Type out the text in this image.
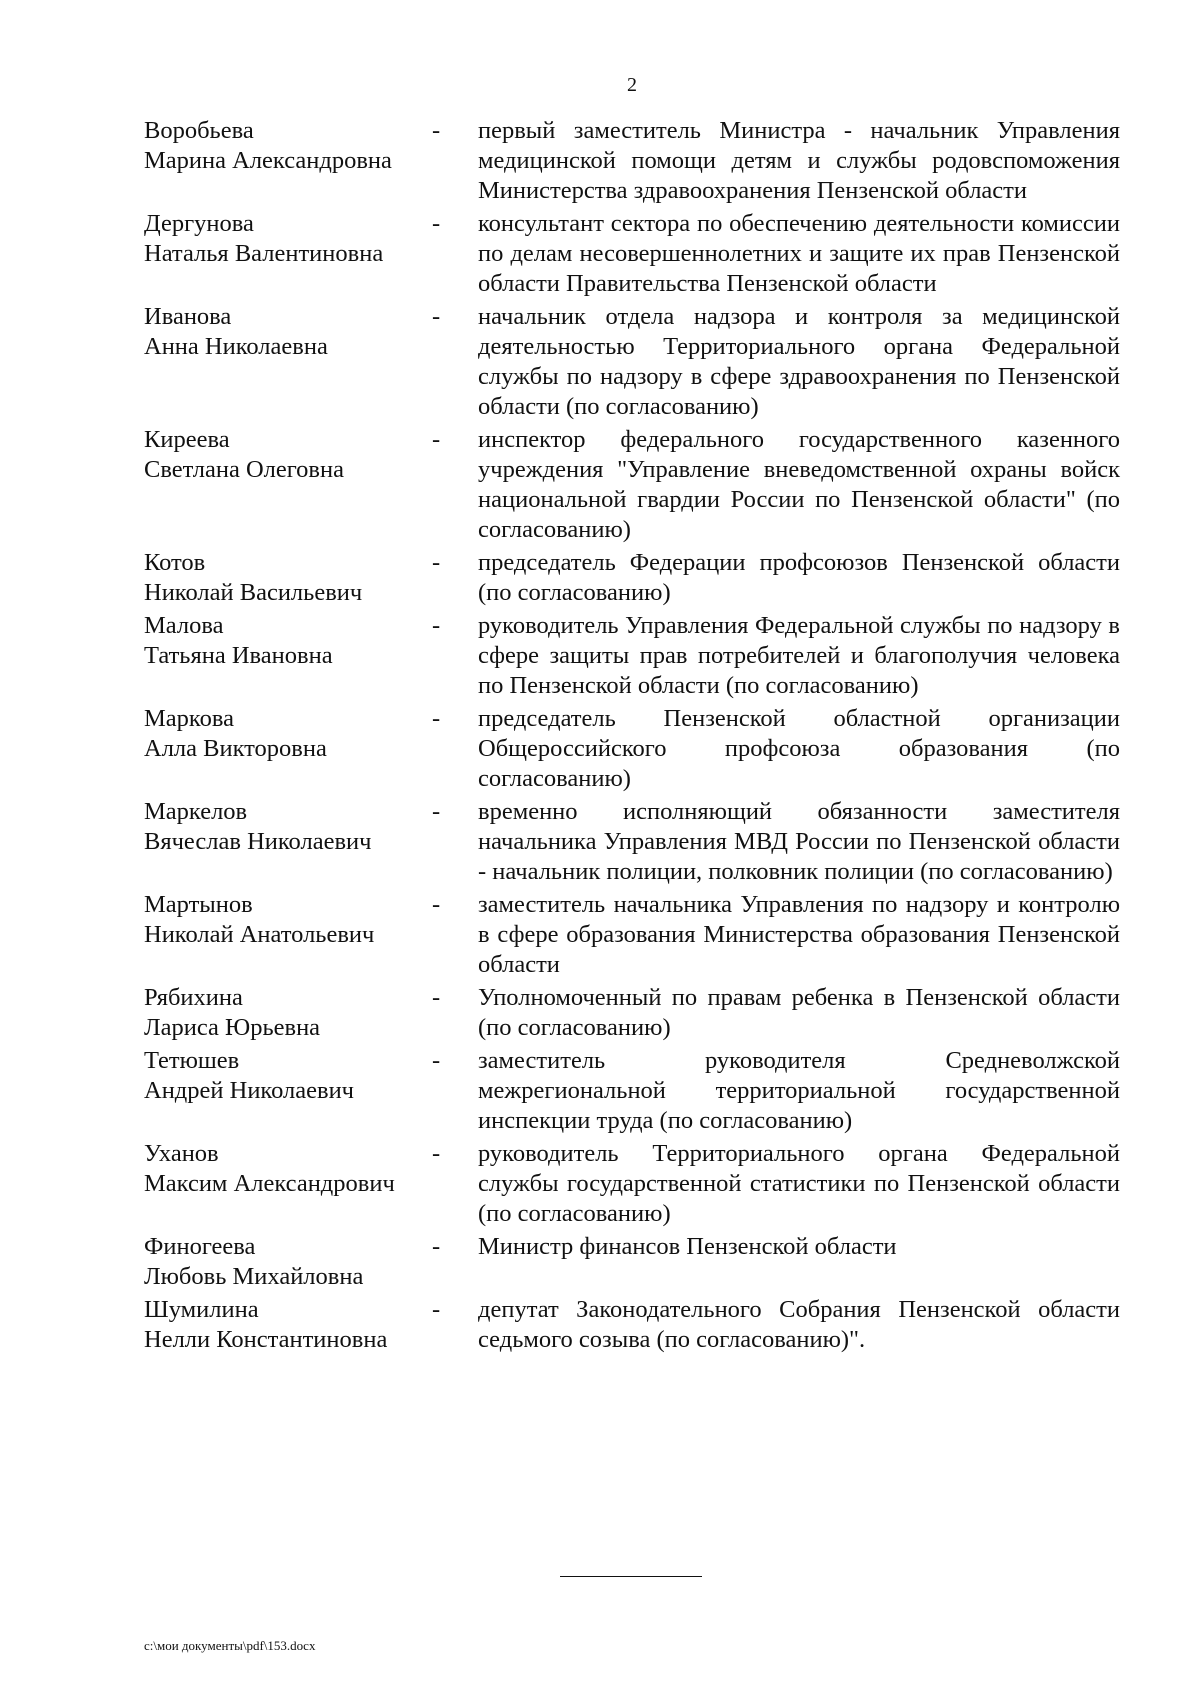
2
Воробьева
Марина Александровна
-	первый заместитель Министра - начальник Управления медицинской помощи детям и службы родовспоможения Министерства здравоохранения Пензенской области
Дергунова
Наталья Валентиновна
-	консультант сектора по обеспечению деятельности комиссии по делам несовершеннолетних и защите их прав Пензенской области Правительства Пензенской области
Иванова
Анна Николаевна
-	начальник отдела надзора и контроля за медицинской деятельностью Территориального органа Федеральной службы по надзору в сфере здравоохранения по Пензенской области (по согласованию)
Киреева
Светлана Олеговна
-	инспектор федерального государственного казенного учреждения "Управление вневедомственной охраны войск национальной гвардии России по Пензенской области" (по согласованию)
Котов
Николай Васильевич
-	председатель Федерации профсоюзов Пензенской области (по согласованию)
Малова
Татьяна Ивановна
-	руководитель Управления Федеральной службы по надзору в сфере защиты прав потребителей и благополучия человека по Пензенской области (по согласованию)
Маркова
Алла Викторовна
-	председатель Пензенской областной организации Общероссийского профсоюза образования (по согласованию)
Маркелов
Вячеслав Николаевич
-	временно исполняющий обязанности заместителя начальника Управления МВД России по Пензенской области - начальник полиции, полковник полиции (по согласованию)
Мартынов
Николай Анатольевич
-	заместитель начальника Управления по надзору и контролю в сфере образования Министерства образования Пензенской области
Рябихина
Лариса Юрьевна
-	Уполномоченный по правам ребенка в Пензенской области (по согласованию)
Тетюшев
Андрей Николаевич
-	заместитель руководителя Средневолжской межрегиональной территориальной государственной инспекции труда (по согласованию)
Уханов
Максим Александрович
-	руководитель Территориального органа Федеральной службы государственной статистики по Пензенской области (по согласованию)
Финогеева
Любовь Михайловна
-	Министр финансов Пензенской области
Шумилина
Нелли Константиновна
-	депутат Законодательного Собрания Пензенской области седьмого созыва (по согласованию)".
c:\мои документы\pdf\153.docx
